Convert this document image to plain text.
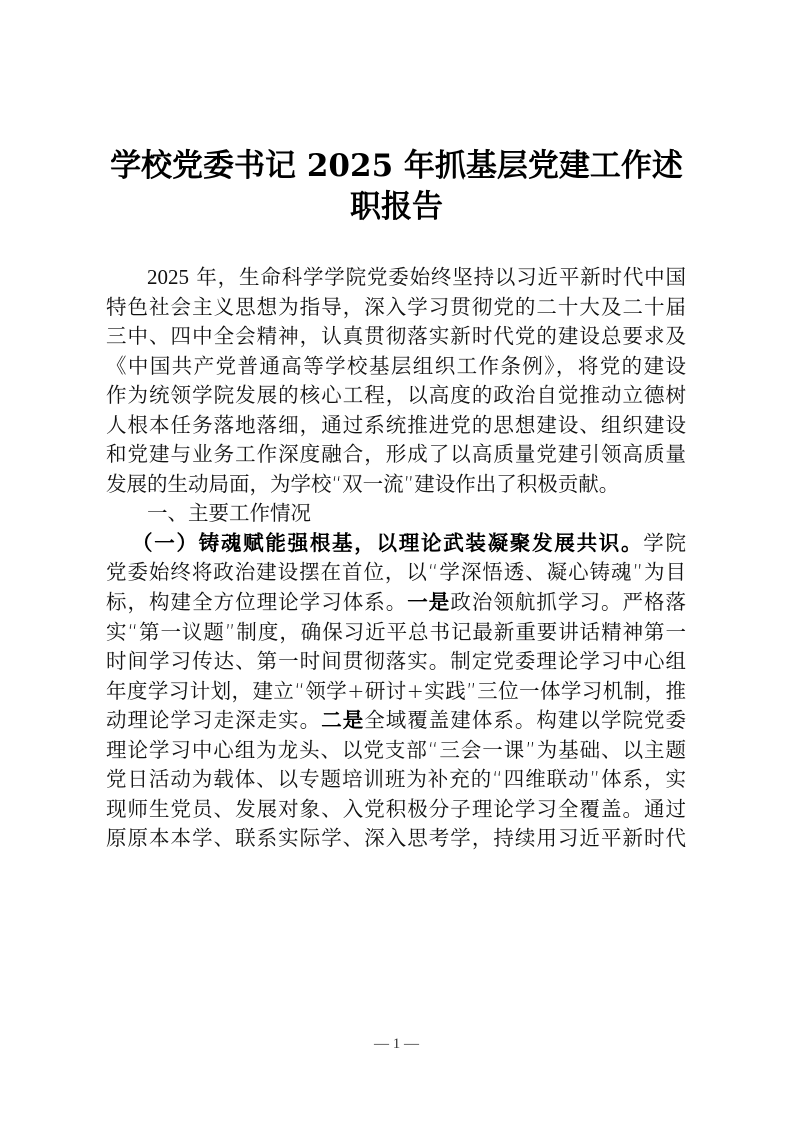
学校党委书记 2025 年抓基层党建工作述
职报告
2025 年，生命科学学院党委始终坚持以习近平新时代中国
特色社会主义思想为指导，深入学习贯彻党的二十大及二十届
三中、四中全会精神，认真贯彻落实新时代党的建设总要求及
《中国共产党普通高等学校基层组织工作条例》，将党的建设
作为统领学院发展的核心工程，以高度的政治自觉推动立德树
人根本任务落地落细，通过系统推进党的思想建设、组织建设
和党建与业务工作深度融合，形成了以高质量党建引领高质量
发展的生动局面，为学校“双一流”建设作出了积极贡献。
一、主要工作情况
（一）铸魂赋能强根基，以理论武装凝聚发展共识。学院
党委始终将政治建设摆在首位，以“学深悟透、凝心铸魂”为目
标，构建全方位理论学习体系。一是政治领航抓学习。严格落
实“第一议题”制度，确保习近平总书记最新重要讲话精神第一
时间学习传达、第一时间贯彻落实。制定党委理论学习中心组
年度学习计划，建立“领学+研讨+实践”三位一体学习机制，推
动理论学习走深走实。二是全域覆盖建体系。构建以学院党委
理论学习中心组为龙头、以党支部“三会一课”为基础、以主题
党日活动为载体、以专题培训班为补充的“四维联动”体系，实
现师生党员、发展对象、入党积极分子理论学习全覆盖。通过
原原本本学、联系实际学、深入思考学，持续用习近平新时代
— 1 —
